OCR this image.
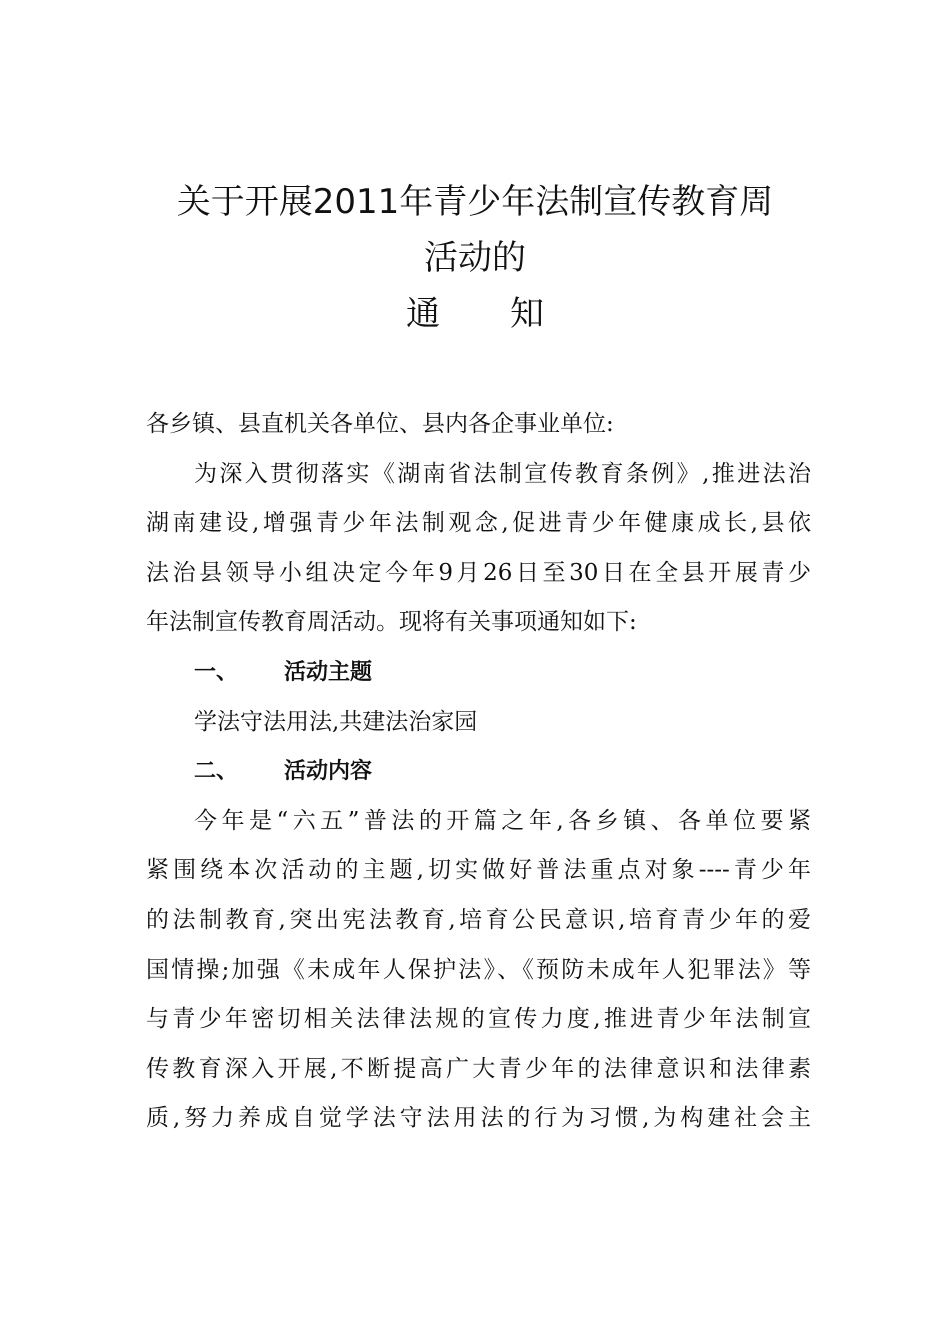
关于开展2011年青少年法制宣传教育周
活动的
通 知
各乡镇、县直机关各单位、县内各企事业单位:
为深入贯彻落实《湖南省法制宣传教育条例》,推进法治
湖南建设,增强青少年法制观念,促进青少年健康成长,县依
法治县领导小组决定今年9月26日至30日在全县开展青少
年法制宣传教育周活动。现将有关事项通知如下:
一、 活动主题
学法守法用法,共建法治家园
二、 活动内容
今年是“六五”普法的开篇之年,各乡镇、各单位要紧
紧围绕本次活动的主题,切实做好普法重点对象----青少年
的法制教育,突出宪法教育,培育公民意识,培育青少年的爱
国情操;加强《未成年人保护法》、《预防未成年人犯罪法》等
与青少年密切相关法律法规的宣传力度,推进青少年法制宣
传教育深入开展,不断提高广大青少年的法律意识和法律素
质,努力养成自觉学法守法用法的行为习惯,为构建社会主
